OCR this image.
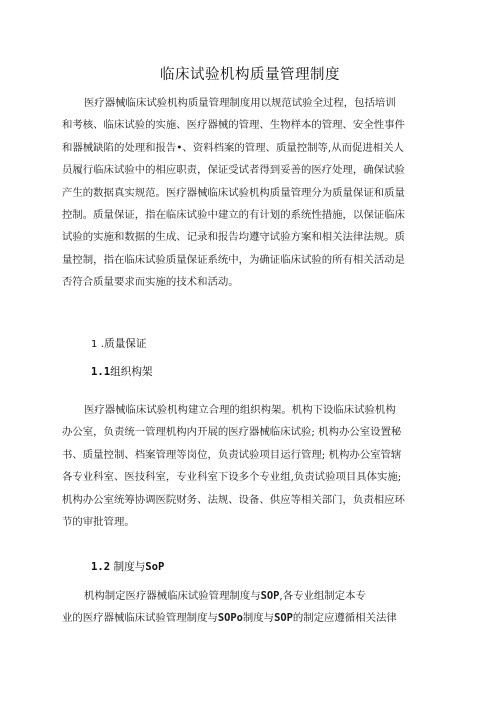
临床试验机构质量管理制度
医疗器械临床试验机构质量管理制度用以规范试验全过程，包括培训
和考核、临床试验的实施、医疗器械的管理、生物样本的管理、安全性事件
和器械缺陷的处理和报告•、资料档案的管理、质量控制等,从而促进相关人
员履行临床试验中的相应职责，保证受试者得到妥善的医疗处理，确保试验
产生的数据真实规范。医疗器械临床试验机构质量管理分为质量保证和质量
控制。质量保证，指在临床试验中建立的有计划的系统性措施，以保证临床
试验的实施和数据的生成、记录和报告均遵守试验方案和相关法律法规。质
量控制，指在临床试验质量保证系统中，为确证临床试验的所有相关活动是
否符合质量要求而实施的技术和活动。
1 .质量保证
1.1组织构架
医疗器械临床试验机构建立合理的组织构架。机构下设临床试验机构
办公室，负责统一管理机构内开展的医疗器械临床试验; 机构办公室设置秘
书、质量控制、档案管理等岗位，负责试验项目运行管理; 机构办公室管辖
各专业科室、医技科室，专业科室下设多个专业组,负责试验项目具体实施;
机构办公室统筹协调医院财务、法规、设备、供应等相关部门，负责相应环
节的审批管理。
1.2 制度与SoP
机构制定医疗器械临床试验管理制度与SOP,各专业组制定本专
业的医疗器械临床试验管理制度与SOPo制度与SOP的制定应遵循相关法律
